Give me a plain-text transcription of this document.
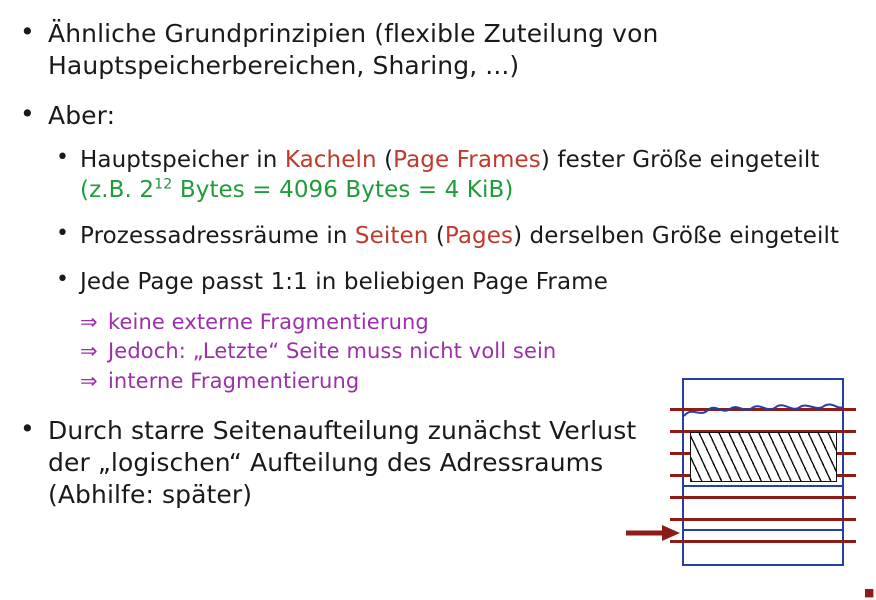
• Ähnliche Grundprinzipien (flexible Zuteilung von
Hauptspeicherbereichen, Sharing, ...)
• Aber:
• Hauptspeicher in Kacheln (Page Frames) fester Größe eingeteilt (z.B. $2^{12}$ Bytes = 4096 Bytes = 4 KiB)
• Prozessadressräume in Seiten (Pages) derselben Größe eingeteilt
• Jede Page passt 1:1 in beliebigen Page Frame
⇒ keine externe Fragmentierung
⇒ Jedoch: „Letzte“ Seite muss nicht voll sein
⇒ interne Fragmentierung
• Durch starre Seitenaufteilung zunächst Verlust
der „logischen“ Aufteilung des Adressraums
(Abhilfe: später)
■
